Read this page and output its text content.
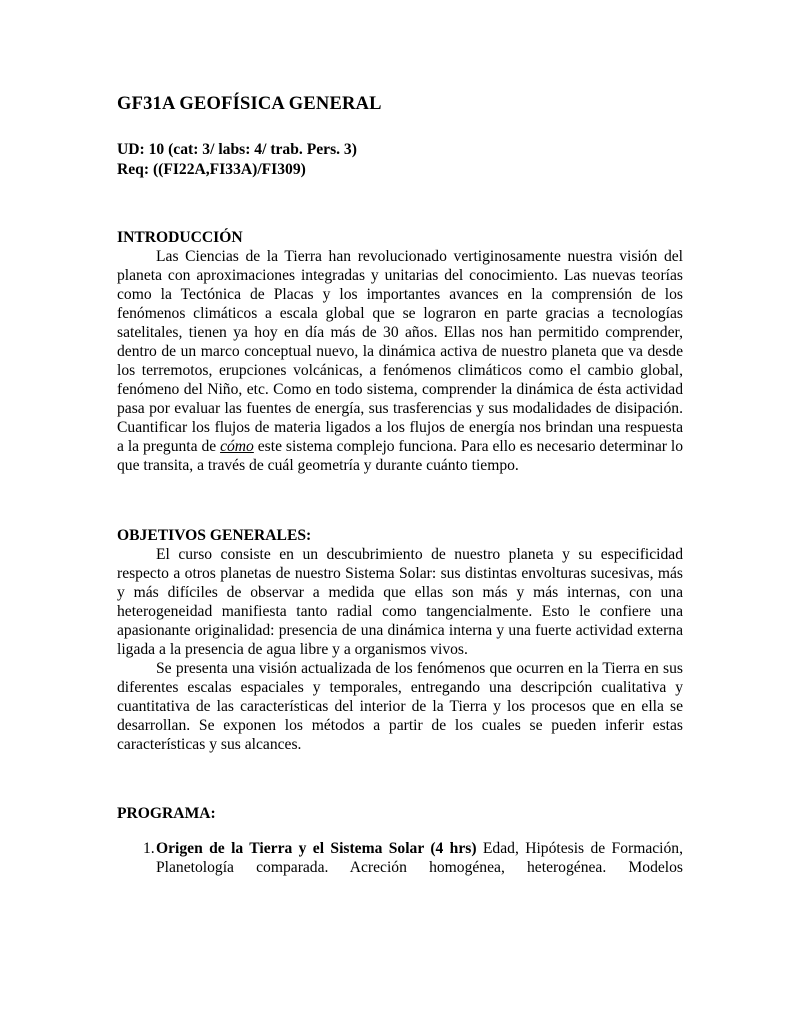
GF31A GEOFÍSICA GENERAL
UD: 10 (cat: 3/ labs: 4/ trab. Pers. 3)
Req: ((FI22A,FI33A)/FI309)
INTRODUCCIÓN

Las Ciencias de la Tierra han revolucionado vertiginosamente nuestra visión del planeta con aproximaciones integradas y unitarias del conocimiento. Las nuevas teorías como la Tectónica de Placas y los importantes avances en la comprensión de los fenómenos climáticos a escala global que se lograron en parte gracias a tecnologías satelitales, tienen ya hoy en día más de 30 años. Ellas nos han permitido comprender, dentro de un marco conceptual nuevo, la dinámica activa de nuestro planeta que va desde los terremotos, erupciones volcánicas, a fenómenos climáticos como el cambio global, fenómeno del Niño, etc. Como en todo sistema, comprender la dinámica de ésta actividad pasa por evaluar las fuentes de energía, sus trasferencias y sus modalidades de disipación. Cuantificar los flujos de materia ligados a los flujos de energía nos brindan una respuesta a la pregunta de cómo este sistema complejo funciona. Para ello es necesario determinar lo que transita, a través de cuál geometría y durante cuánto tiempo.

OBJETIVOS GENERALES:

El curso consiste en un descubrimiento de nuestro planeta y su especificidad respecto a otros planetas de nuestro Sistema Solar: sus distintas envolturas sucesivas, más y más difíciles de observar a medida que ellas son más y más internas, con una heterogeneidad manifiesta tanto radial como tangencialmente. Esto le confiere una apasionante originalidad: presencia de una dinámica interna y una fuerte actividad externa ligada a la presencia de agua libre y a organismos vivos.

Se presenta una visión actualizada de los fenómenos que ocurren en la Tierra en sus diferentes escalas espaciales y temporales, entregando una descripción cualitativa y cuantitativa de las características del interior de la Tierra y los procesos que en ella se desarrollan. Se exponen los métodos a partir de los cuales se pueden inferir estas características y sus alcances.

PROGRAMA:
1. Origen de la Tierra y el Sistema Solar (4 hrs) Edad, Hipótesis de Formación, Planetología comparada. Acreción homogénea, heterogénea. Modelos
